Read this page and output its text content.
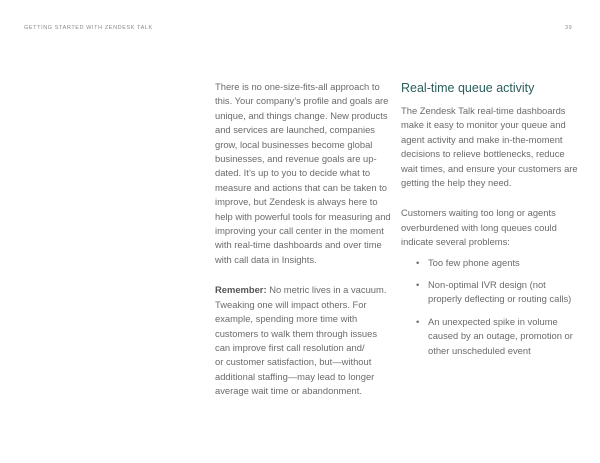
GETTING STARTED WITH ZENDESK TALK	39
There is no one-size-fits-all approach to
this. Your company’s profile and goals are
unique, and things change. New products
and services are launched, companies
grow, local businesses become global
businesses, and revenue goals are up-
dated. It’s up to you to decide what to
measure and actions that can be taken to
improve, but Zendesk is always here to
help with powerful tools for measuring and
improving your call center in the moment
with real-time dashboards and over time
with call data in Insights.
Remember: No metric lives in a vacuum.
Tweaking one will impact others. For
example, spending more time with
customers to walk them through issues
can improve first call resolution and/
or customer satisfaction, but—without
additional staffing—may lead to longer
average wait time or abandonment.
Real-time queue activity
The Zendesk Talk real-time dashboards
make it easy to monitor your queue and
agent activity and make in-the-moment
decisions to relieve bottlenecks, reduce
wait times, and ensure your customers are
getting the help they need.
Customers waiting too long or agents
overburdened with long queues could
indicate several problems:
• Too few phone agents
• Non-optimal IVR design (not
properly deflecting or routing calls)
• An unexpected spike in volume
caused by an outage, promotion or
other unscheduled event
